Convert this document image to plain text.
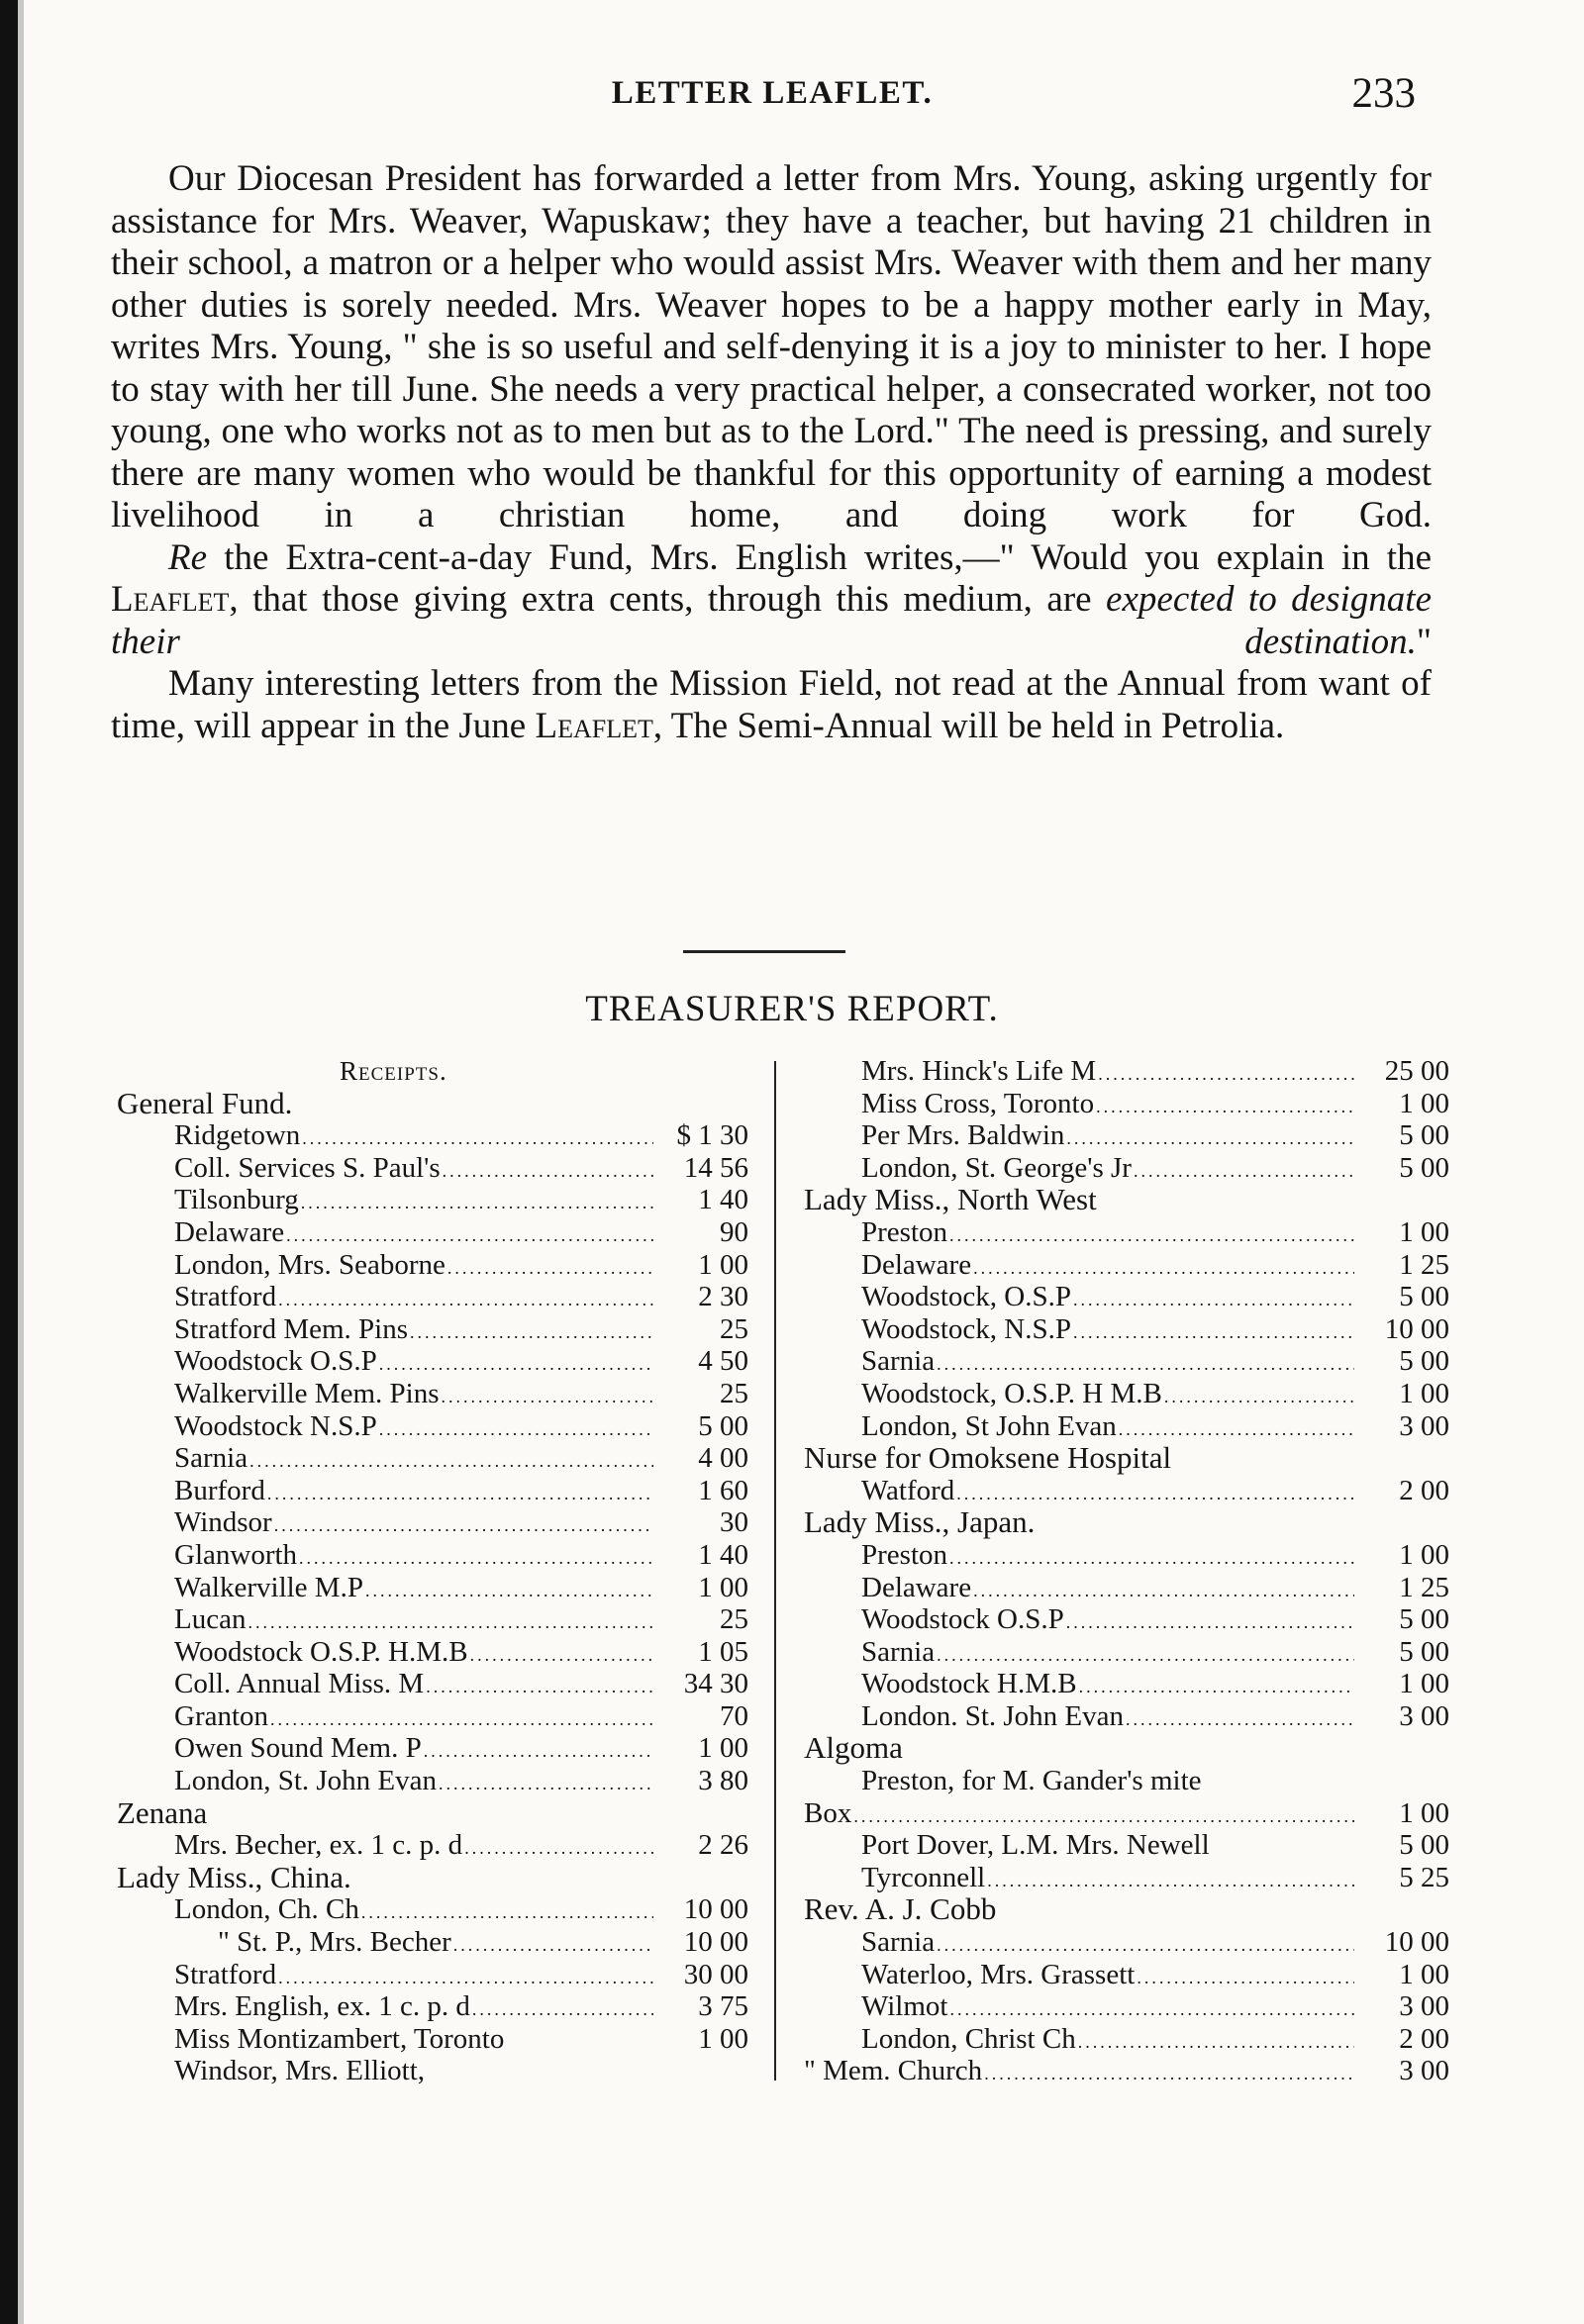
LETTER LEAFLET.	233

Our Diocesan President has forwarded a letter from Mrs. Young, asking urgently for assistance for Mrs. Weaver, Wapuskaw; they have a teacher, but having 21 children in their school, a matron or a helper who would assist Mrs. Weaver with them and her many other duties is sorely needed. Mrs. Weaver hopes to be a happy mother early in May, writes Mrs. Young, " she is so useful and self-denying it is a joy to minister to her. I hope to stay with her till June. She needs a very practical helper, a consecrated worker, not too young, one who works not as to men but as to the Lord." The need is pressing, and surely there are many women who would be thankful for this opportunity of earning a modest livelihood in a christian home, and doing work for God.

Re the Extra-cent-a-day Fund, Mrs. English writes,—" Would you explain in the Leaflet, that those giving extra cents, through this medium, are expected to designate their destination."

Many interesting letters from the Mission Field, not read at the Annual from want of time, will appear in the June Leaflet, The Semi-Annual will be held in Petrolia.

TREASURER'S REPORT.
Receipts.
General Fund.
Ridgetown .....	$ 1 30
Coll. Services S. Paul's .....	14 56
Tilsonburg .....	1 40
Delaware .....	90
London, Mrs. Seaborne .....	1 00
Stratford .....	2 30
Stratford Mem. Pins .....	25
Woodstock O.S.P .....	4 50
Walkerville Mem. Pins .....	25
Woodstock N.S.P .....	5 00
Sarnia .....	4 00
Burford .....	1 60
Windsor .....	30
Glanworth .....	1 40
Walkerville M.P .....	1 00
Lucan .....	25
Woodstock O.S.P. H.M.B .....	1 05
Coll. Annual Miss. M .....	34 30
Granton .....	70
Owen Sound Mem. P .....	1 00
London, St. John Evan .....	3 80
Zenana
Mrs. Becher, ex. 1 c. p. d .....	2 26
Lady Miss., China.
London, Ch. Ch .....	10 00
" St. P., Mrs. Becher .....	10 00
Stratford .....	30 00
Mrs. English, ex. 1 c. p. d .....	3 75
Miss Montizambert, Toronto	1 00
Windsor, Mrs. Elliott,
Mrs. Hinck's Life M .....	25 00
Miss Cross, Toronto .....	1 00
Per Mrs. Baldwin .....	5 00
London, St. George's Jr .....	5 00
Lady Miss., North West
Preston .....	1 00
Delaware .....	1 25
Woodstock, O.S.P .....	5 00
Woodstock, N.S.P .....	10 00
Sarnia .....	5 00
Woodstock, O.S.P. H M.B .....	1 00
London, St John Evan .....	3 00
Nurse for Omoksene Hospital
Watford .....	2 00
Lady Miss., Japan.
Preston .....	1 00
Delaware .....	1 25
Woodstock O.S.P .....	5 00
Sarnia .....	5 00
Woodstock H.M.B .....	1 00
London. St. John Evan .....	3 00
Algoma
Preston, for M. Gander's mite
Box .....	1 00
Port Dover, L.M. Mrs. Newell	5 00
Tyrconnell .....	5 25
Rev. A. J. Cobb
Sarnia .....	10 00
Waterloo, Mrs. Grassett .....	1 00
Wilmot .....	3 00
London, Christ Ch .....	2 00
" Mem. Church .....	3 00
